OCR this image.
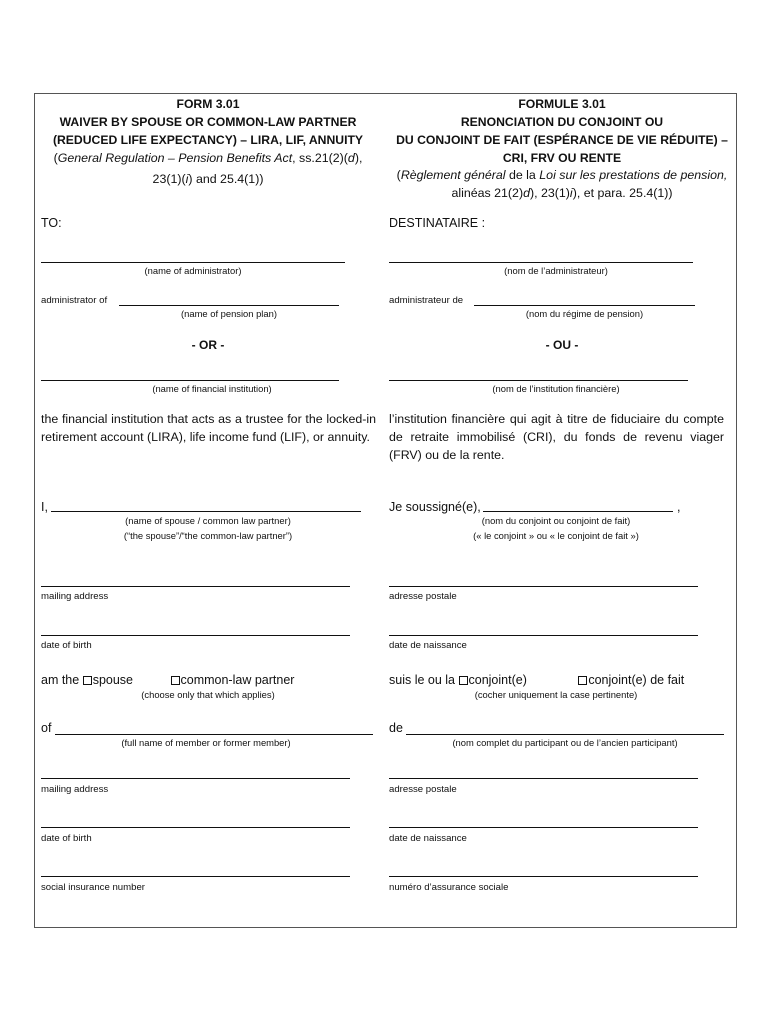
FORM 3.01
WAIVER BY SPOUSE OR COMMON-LAW PARTNER
(REDUCED LIFE EXPECTANCY) – LIRA, LIF, ANNUITY
(General Regulation – Pension Benefits Act, ss.21(2)(d),
23(1)(i) and 25.4(1))
TO:
(name of administrator)
administrator of
(name of pension plan)
- OR -
(name of financial institution)
the financial institution that acts as a trustee for the locked-in retirement account (LIRA), life income fund (LIF), or annuity.
I,
(name of spouse / common law partner)
(“the spouse”/“the common-law partner”)
mailing address
date of birth
am the spouse	common-law partner
(choose only that which applies)
of
(full name of member or former member)
mailing address
date of birth
social insurance number
FORMULE 3.01
RENONCIATION DU CONJOINT OU
DU CONJOINT DE FAIT (ESPÉRANCE DE VIE RÉDUITE) –
CRI, FRV OU RENTE
(Règlement général de la Loi sur les prestations de pension,
alinéas 21(2)d), 23(1)i), et para. 25.4(1))
DESTINATAIRE :
(nom de l’administrateur)
administrateur de
(nom du régime de pension)
- OU -
(nom de l’institution financière)
l’institution financière qui agit à titre de fiduciaire du compte de retraite immobilisé (CRI), du fonds de revenu viager (FRV) ou de la rente.
Je soussigné(e),	,
(nom du conjoint ou conjoint de fait)
(« le conjoint » ou « le conjoint de fait »)
adresse postale
date de naissance
suis le ou la conjoint(e)	conjoint(e) de fait
(cocher uniquement la case pertinente)
de
(nom complet du participant ou de l’ancien participant)
adresse postale
date de naissance
numéro d’assurance sociale
